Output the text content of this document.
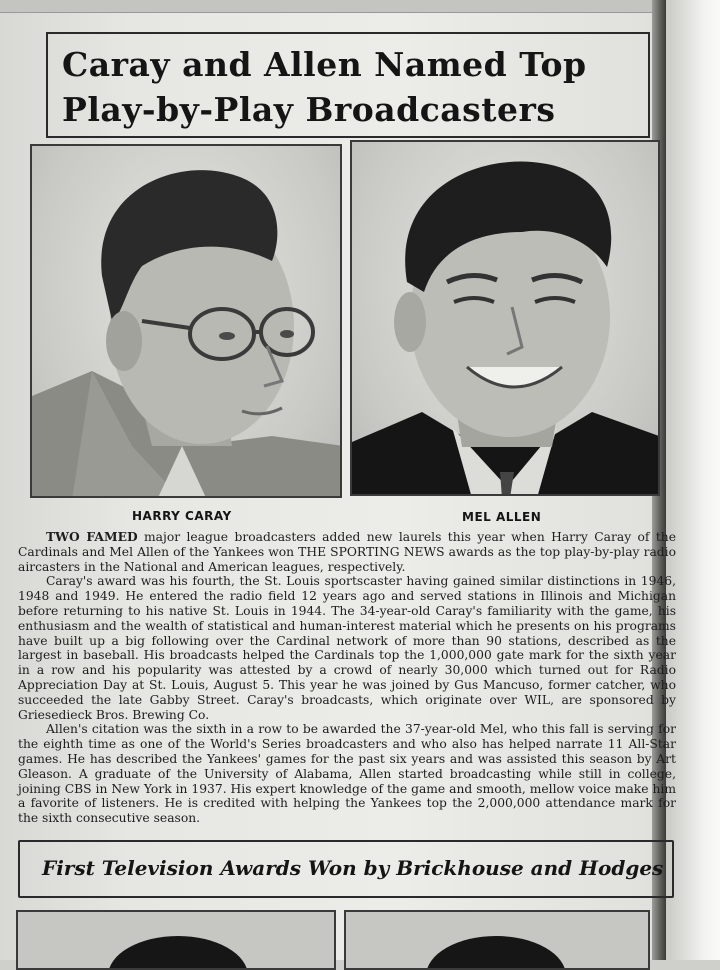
Caray and Allen Named Top
Play-by-Play Broadcasters
HARRY CARAY	MEL ALLEN

TWO FAMED major league broadcasters added new laurels this year when Harry Caray of the Cardinals and Mel Allen of the Yankees won THE SPORTING NEWS awards as the top play-by-play radio aircasters in the National and American leagues, respectively.

Caray's award was his fourth, the St. Louis sportscaster having gained similar distinctions in 1946, 1948 and 1949. He entered the radio field 12 years ago and served stations in Illinois and Michigan before returning to his native St. Louis in 1944. The 34-year-old Caray's familiarity with the game, his enthusiasm and the wealth of statistical and human-interest material which he presents on his programs have built up a big following over the Cardinal network of more than 90 stations, described as the largest in baseball. His broadcasts helped the Cardinals top the 1,000,000 gate mark for the sixth year in a row and his popularity was attested by a crowd of nearly 30,000 which turned out for Radio Appreciation Day at St. Louis, August 5. This year he was joined by Gus Mancuso, former catcher, who succeeded the late Gabby Street. Caray's broadcasts, which originate over WIL, are sponsored by Griesedieck Bros. Brewing Co.

Allen's citation was the sixth in a row to be awarded the 37-year-old Mel, who this fall is serving for the eighth time as one of the World's Series broadcasters and who also has helped narrate 11 All-Star games. He has described the Yankees' games for the past six years and was assisted this season by Art Gleason. A graduate of the University of Alabama, Allen started broadcasting while still in college, joining CBS in New York in 1937. His expert knowledge of the game and smooth, mellow voice make him a favorite of listeners. He is credited with helping the Yankees top the 2,000,000 attendance mark for the sixth consecutive season.

First Television Awards Won by Brickhouse and Hodges
